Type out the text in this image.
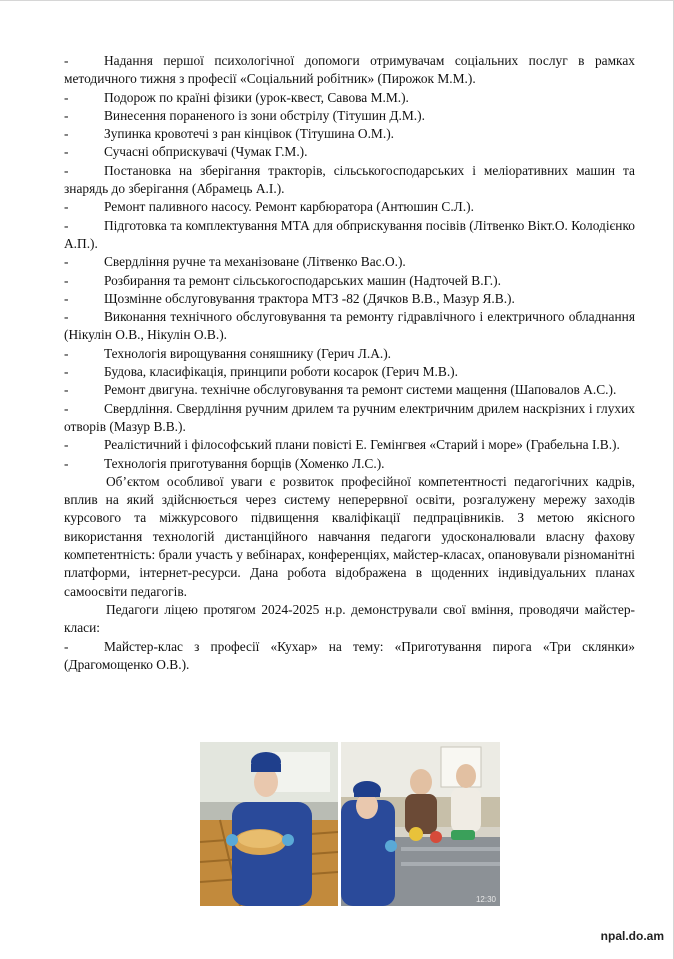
-	Надання першої психологічної допомоги отримувачам соціальних послуг в рамках методичного тижня з професії «Соціальний робітник» (Пирожок М.М.).
-	Подорож по країні фізики (урок-квест, Савова М.М.).
-	Винесення пораненого із зони обстрілу (Тітушин Д.М.).
-	Зупинка кровотечі з ран кінцівок (Тітушина О.М.).
-	Сучасні обприскувачі (Чумак Г.М.).
-	Постановка на зберігання тракторів, сільськогосподарських і меліоративних машин та знарядь до зберігання (Абрамець А.І.).
-	Ремонт паливного насосу. Ремонт карбюратора (Антюшин С.Л.).
-	Підготовка та комплектування МТА для обприскування посівів (Літвенко Вікт.О. Колодієнко А.П.).
-	Свердління ручне та механізоване (Літвенко Вас.О.).
-	Розбирання та ремонт сільськогосподарських машин (Надточей В.Г.).
-	Щозмінне обслуговування трактора МТЗ -82 (Дячков В.В., Мазур Я.В.).
-	Виконання технічного обслуговування та ремонту гідравлічного і електричного обладнання (Нікулін О.В., Нікулін О.В.).
-	Технологія вирощування соняшнику (Герич Л.А.).
-	Будова, класифікація, принципи роботи косарок (Герич М.В.).
-	Ремонт двигуна. технічне обслуговування та ремонт системи мащення (Шаповалов А.С.).
-	Свердління. Свердління ручним дрилем та ручним електричним дрилем наскрізних і глухих отворів (Мазур В.В.).
-	Реалістичний і філософський плани повісті Е. Гемінгвея «Старий і море» (Грабельна І.В.).
-	Технологія приготування борщів (Хоменко Л.С.).
Об’єктом особливої уваги є розвиток професійної компетентності педагогічних кадрів, вплив на який здійснюється через систему неперервної освіти, розгалужену мережу заходів курсового та міжкурсового підвищення кваліфікації педпрацівників. З метою якісного використання технологій дистанційного навчання педагоги удосконалювали власну фахову компетентність: брали участь у вебінарах, конференціях, майстер-класах, опановували різноманітні платформи, інтернет-ресурси. Дана робота відображена в щоденних індивідуальних планах самоосвіти педагогів.
Педагоги ліцею протягом 2024-2025 н.р. демонстрували свої вміння, проводячи майстер-класи:
-	Майстер-клас з професії «Кухар» на тему: «Приготування пирога «Три склянки» (Драгомощенко О.В.).
12:30
npal.do.am
